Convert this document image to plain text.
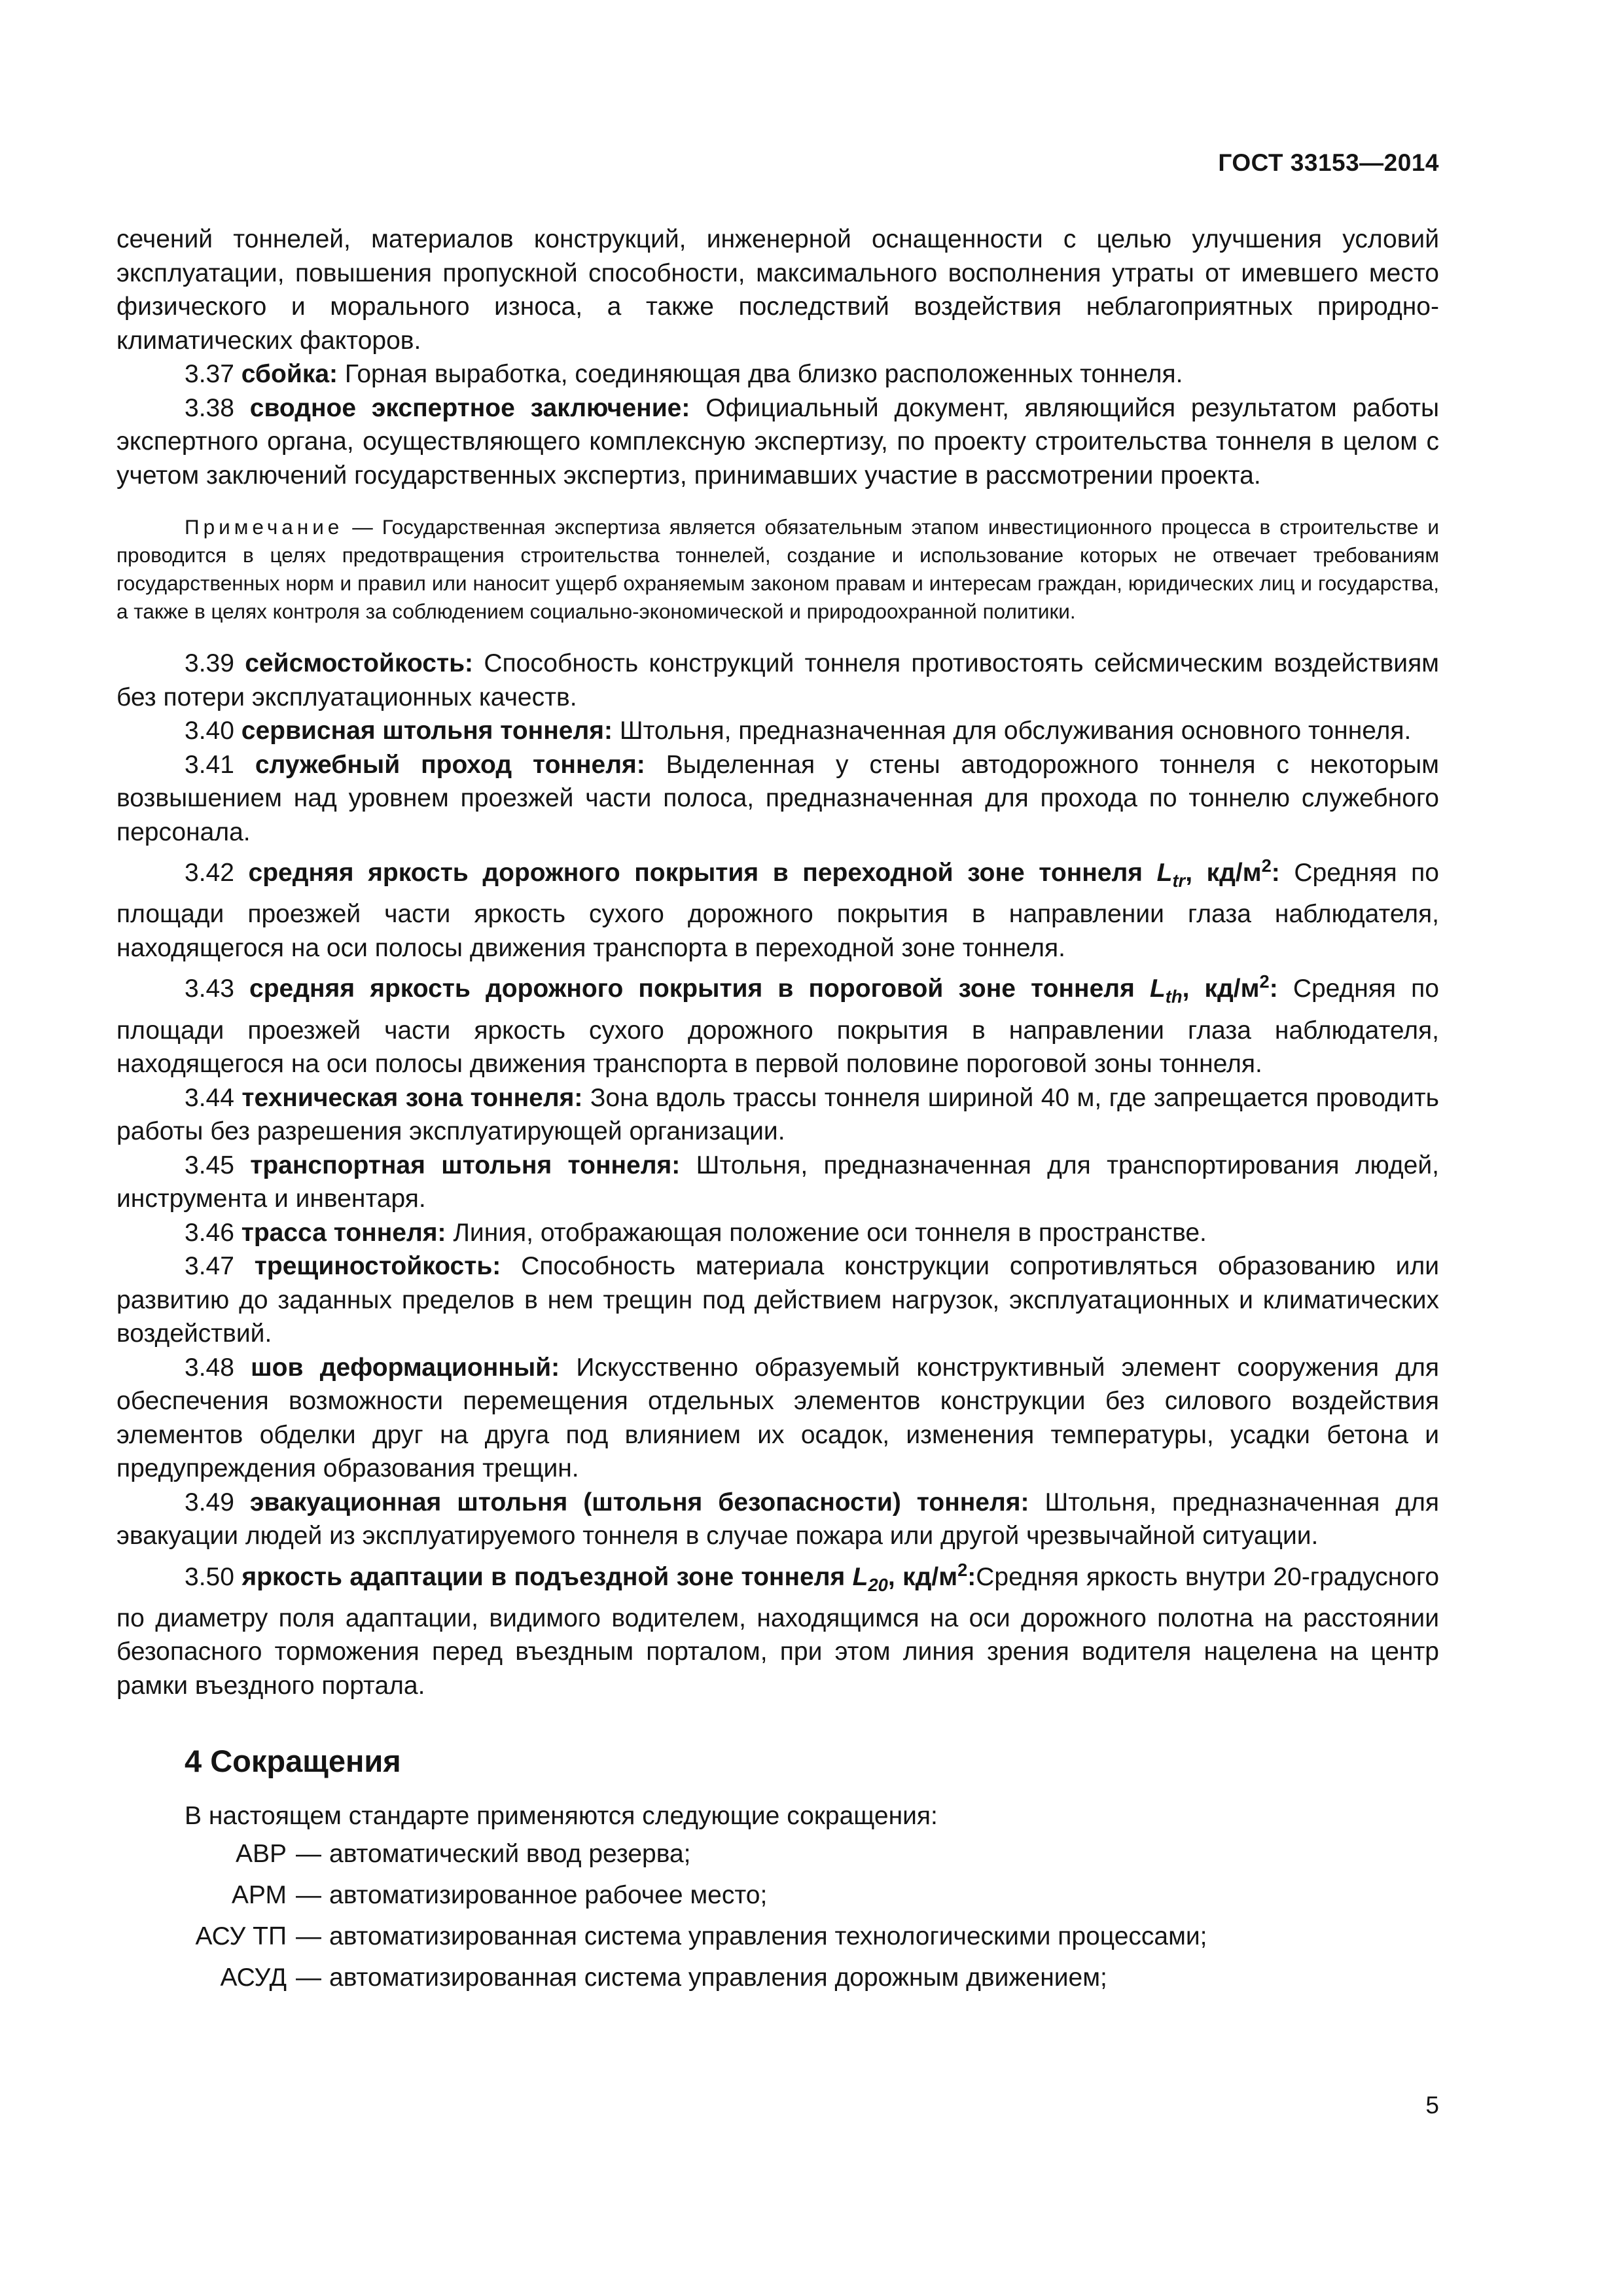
ГОСТ 33153—2014

сечений тоннелей, материалов конструкций, инженерной оснащенности с целью улучшения условий эксплуатации, повышения пропускной способности, максимального восполнения утраты от имевшего место физического и морального износа, а также последствий воздействия неблагоприятных природно-климатических факторов.

3.37 сбойка: Горная выработка, соединяющая два близко расположенных тоннеля.

3.38 сводное экспертное заключение: Официальный документ, являющийся результатом работы экспертного органа, осуществляющего комплексную экспертизу, по проекту строительства тоннеля в целом с учетом заключений государственных экспертиз, принимавших участие в рассмотрении проекта.

Примечание — Государственная экспертиза является обязательным этапом инвестиционного процесса в строительстве и проводится в целях предотвращения строительства тоннелей, создание и использование которых не отвечает требованиям государственных норм и правил или наносит ущерб охраняемым законом правам и интересам граждан, юридических лиц и государства, а также в целях контроля за соблюдением социально-экономической и природоохранной политики.

3.39 сейсмостойкость: Способность конструкций тоннеля противостоять сейсмическим воздействиям без потери эксплуатационных качеств.

3.40 сервисная штольня тоннеля: Штольня, предназначенная для обслуживания основного тоннеля.

3.41 служебный проход тоннеля: Выделенная у стены автодорожного тоннеля с некоторым возвышением над уровнем проезжей части полоса, предназначенная для прохода по тоннелю служебного персонала.

3.42 средняя яркость дорожного покрытия в переходной зоне тоннеля $L_{tr}$, $кд/м^2$: Средняя по площади проезжей части яркость сухого дорожного покрытия в направлении глаза наблюдателя, находящегося на оси полосы движения транспорта в переходной зоне тоннеля.

3.43 средняя яркость дорожного покрытия в пороговой зоне тоннеля $L_{th}$, $кд/м^2$: Средняя по площади проезжей части яркость сухого дорожного покрытия в направлении глаза наблюдателя, находящегося на оси полосы движения транспорта в первой половине пороговой зоны тоннеля.

3.44 техническая зона тоннеля: Зона вдоль трассы тоннеля шириной 40 м, где запрещается проводить работы без разрешения эксплуатирующей организации.

3.45 транспортная штольня тоннеля: Штольня, предназначенная для транспортирования людей, инструмента и инвентаря.

3.46 трасса тоннеля: Линия, отображающая положение оси тоннеля в пространстве.

3.47 трещиностойкость: Способность материала конструкции сопротивляться образованию или развитию до заданных пределов в нем трещин под действием нагрузок, эксплуатационных и климатических воздействий.

3.48 шов деформационный: Искусственно образуемый конструктивный элемент сооружения для обеспечения возможности перемещения отдельных элементов конструкции без силового воздействия элементов обделки друг на друга под влиянием их осадок, изменения температуры, усадки бетона и предупреждения образования трещин.

3.49 эвакуационная штольня (штольня безопасности) тоннеля: Штольня, предназначенная для эвакуации людей из эксплуатируемого тоннеля в случае пожара или другой чрезвычайной ситуации.

3.50 яркость адаптации в подъездной зоне тоннеля $L_{20}$, $кд/м^2:Средняя$ яркость внутри 20-градусного по диаметру поля адаптации, видимого водителем, находящимся на оси дорожного полотна на расстоянии безопасного торможения перед въездным порталом, при этом линия зрения водителя нацелена на центр рамки въездного портала.

4 Сокращения

В настоящем стандарте применяются следующие сокращения:

АВР — автоматический ввод резерва;
АРМ — автоматизированное рабочее место;
АСУ ТП — автоматизированная система управления технологическими процессами;
АСУД — автоматизированная система управления дорожным движением;
5
